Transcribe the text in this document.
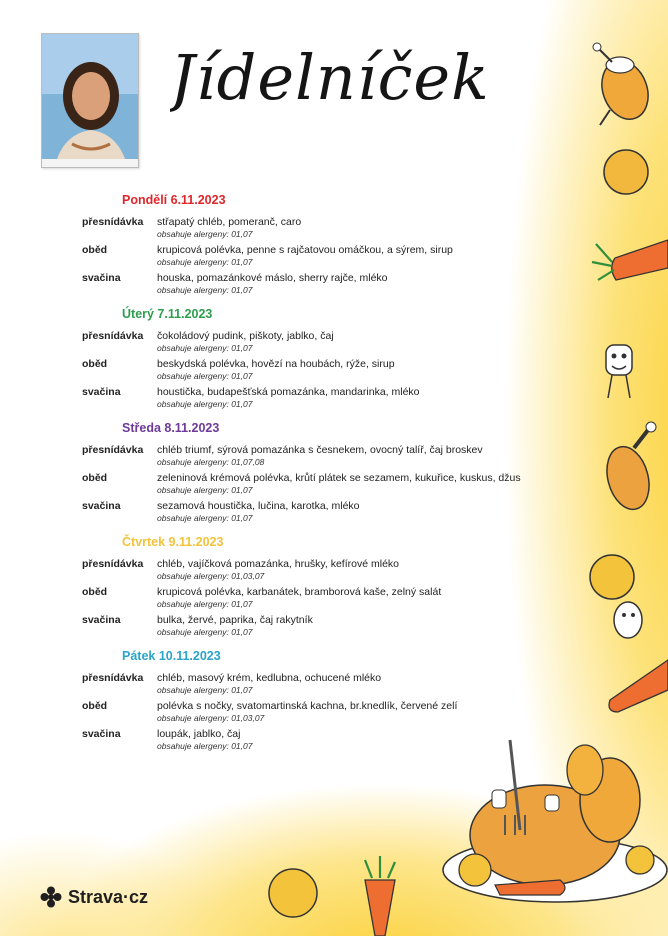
Jídelníček
Pondělí 6.11.2023
přesnídávka	střapatý chléb, pomeranč, caro
obsahuje alergeny: 01,07
oběd	krupicová polévka, penne s rajčatovou omáčkou, a sýrem, sirup
obsahuje alergeny: 01,07
svačina	houska, pomazánkové máslo, sherry rajče, mléko
obsahuje alergeny: 01,07
Úterý 7.11.2023
přesnídávka	čokoládový pudink, piškoty, jablko, čaj
obsahuje alergeny: 01,07
oběd	beskydská polévka, hovězí na houbách, rýže, sirup
obsahuje alergeny: 01,07
svačina	houstička, budapešťská pomazánka, mandarinka, mléko
obsahuje alergeny: 01,07
Středa 8.11.2023
přesnídávka	chléb triumf, sýrová pomazánka s česnekem, ovocný talíř, čaj broskev
obsahuje alergeny: 01,07,08
oběd	zeleninová krémová polévka, krůtí plátek se sezamem, kukuřice, kuskus, džus
obsahuje alergeny: 01,07
svačina	sezamová houstička, lučina, karotka, mléko
obsahuje alergeny: 01,07
Čtvrtek 9.11.2023
přesnídávka	chléb, vajíčková pomazánka, hrušky, kefírové mléko
obsahuje alergeny: 01,03,07
oběd	krupicová polévka, karbanátek, bramborová kaše, zelný salát
obsahuje alergeny: 01,07
svačina	bulka, žervé, paprika, čaj rakytník
obsahuje alergeny: 01,07
Pátek 10.11.2023
přesnídávka	chléb, masový krém, kedlubna, ochucené mléko
obsahuje alergeny: 01,07
oběd	polévka s nočky, svatomartinská kachna, br.knedlík, červené zelí
obsahuje alergeny: 01,03,07
svačina	loupák, jablko, čaj
obsahuje alergeny: 01,07
Strava·cz
